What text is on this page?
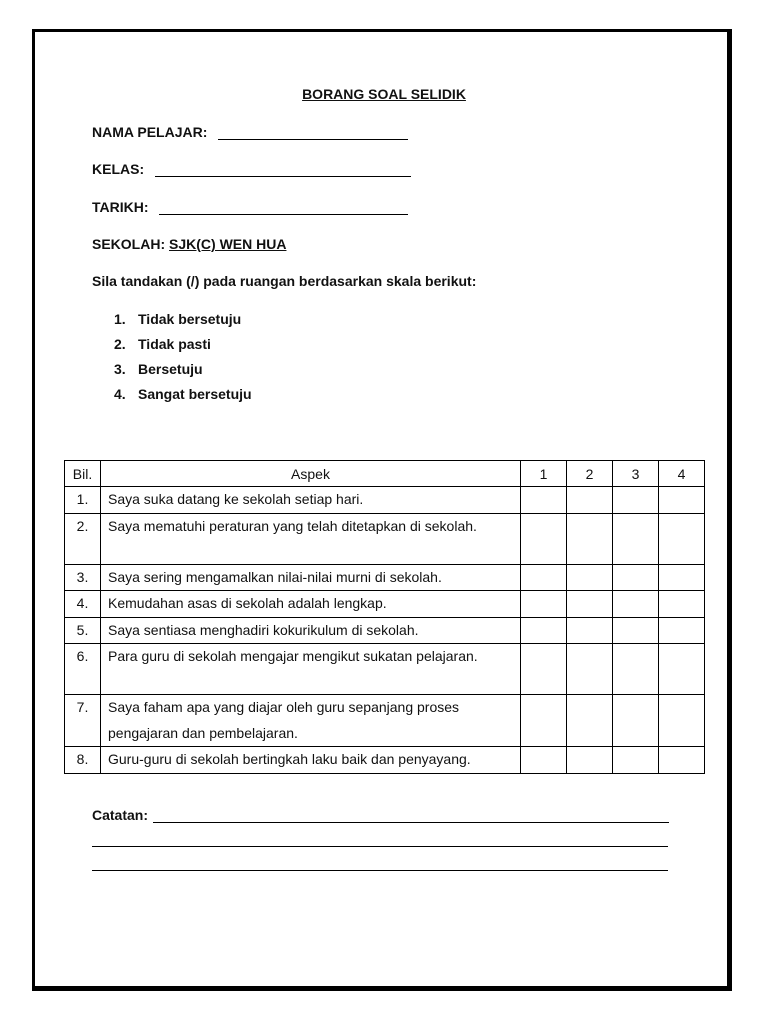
BORANG SOAL SELIDIK
NAMA PELAJAR:
KELAS:
TARIKH:
SEKOLAH: SJK(C) WEN HUA
Sila tandakan (/) pada ruangan berdasarkan skala berikut:
1. Tidak bersetuju
2. Tidak pasti
3. Bersetuju
4. Sangat bersetuju
Bil.	Aspek	1	2	3	4
1.	Saya suka datang ke sekolah setiap hari.				
2.	Saya mematuhi peraturan yang telah ditetapkan di sekolah.				
3.	Saya sering mengamalkan nilai-nilai murni di sekolah.				
4.	Kemudahan asas di sekolah adalah lengkap.				
5.	Saya sentiasa menghadiri kokurikulum di sekolah.				
6.	Para guru di sekolah mengajar mengikut sukatan pelajaran.				
7.	Saya faham apa yang diajar oleh guru sepanjang proses pengajaran dan pembelajaran.				
8.	Guru-guru di sekolah bertingkah laku baik dan penyayang.				
Catatan:
